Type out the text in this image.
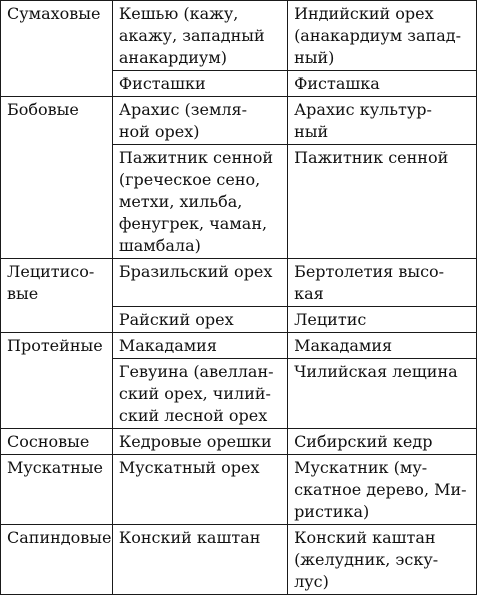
Сумаховые	Кешью (кажу,
акажу, западный
анакардиум)	Индийский орех
(анакардиум запад-
ный)
	Фисташки	Фисташка
Бобовые	Арахис (земля-
ной орех)	Арахис культур-
ный
	Пажитник сенной
(греческое сено,
метхи, хильба,
фенугрек, чаман,
шамбала)	Пажитник сенной
Лецитисо-
вые	Бразильский орех	Бертолетия высо-
кая
	Райский орех	Лецитис
Протейные	Макадамия	Макадамия
	Гевуина (авеллан-
ский орех, чилий-
ский лесной орех	Чилийская лещина
Сосновые	Кедровые орешки	Сибирский кедр
Мускатные	Мускатный орех	Мускатник (му-
скатное дерево, Ми-
ристика)
Сапиндовые	Конский каштан	Конский каштан
(желудник, эску-
лус)
